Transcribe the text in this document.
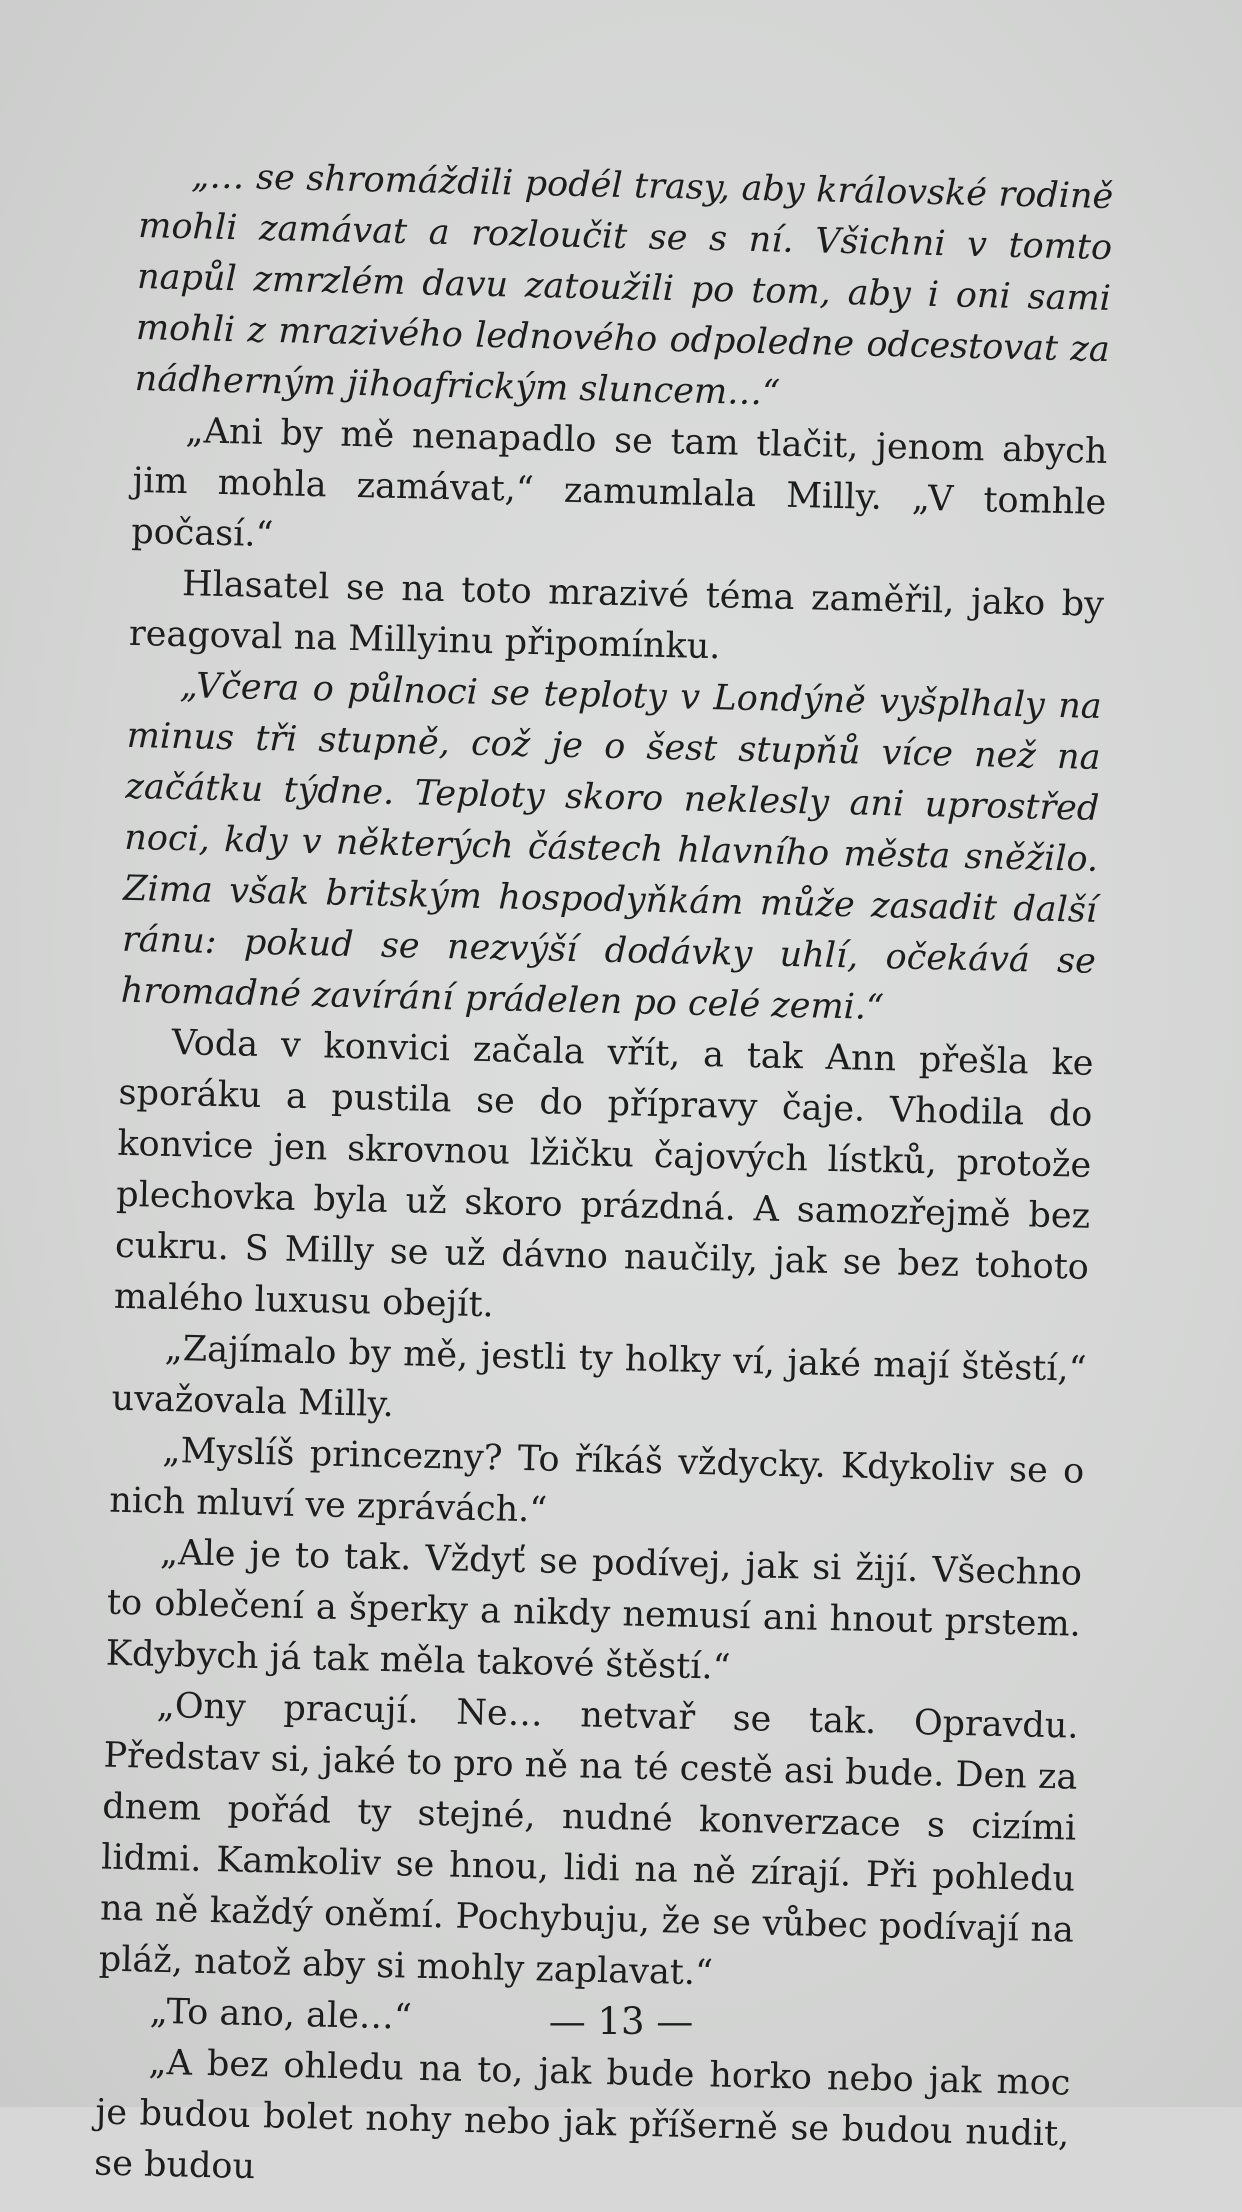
„… se shromáždili podél trasy, aby královské rodině mohli zamávat a rozloučit se s ní. Všichni v tomto napůl zmrzlém davu zatoužili po tom, aby i oni sami mohli z mrazivého lednového odpoledne odcestovat za nádherným jihoafrickým sluncem…“

„Ani by mě nenapadlo se tam tlačit, jenom abych jim mohla zamávat,“ zamumlala Milly. „V tomhle počasí.“

Hlasatel se na toto mrazivé téma zaměřil, jako by reagoval na Millyinu připomínku.

„Včera o půlnoci se teploty v Londýně vyšplhaly na minus tři stupně, což je o šest stupňů více než na začátku týdne. Teploty skoro neklesly ani uprostřed noci, kdy v některých částech hlavního města sněžilo. Zima však britským hospodyňkám může zasadit další ránu: pokud se nezvýší dodávky uhlí, očekává se hromadné zavírání prádelen po celé zemi.“

Voda v konvici začala vřít, a tak Ann přešla ke sporáku a pustila se do přípravy čaje. Vhodila do konvice jen skrovnou lžičku čajových lístků, protože plechovka byla už skoro prázdná. A samozřejmě bez cukru. S Milly se už dávno naučily, jak se bez tohoto malého luxusu obejít.

„Zajímalo by mě, jestli ty holky ví, jaké mají štěstí,“ uvažovala Milly.

„Myslíš princezny? To říkáš vždycky. Kdykoliv se o nich mluví ve zprávách.“

„Ale je to tak. Vždyť se podívej, jak si žijí. Všechno to oblečení a šperky a nikdy nemusí ani hnout prstem. Kdybych já tak měla takové štěstí.“

„Ony pracují. Ne… netvař se tak. Opravdu. Představ si, jaké to pro ně na té cestě asi bude. Den za dnem pořád ty stejné, nudné konverzace s cizími lidmi. Kamkoliv se hnou, lidi na ně zírají. Při pohledu na ně každý oněmí. Pochybuju, že se vůbec podívají na pláž, natož aby si mohly zaplavat.“

„To ano, ale…“

„A bez ohledu na to, jak bude horko nebo jak moc je budou bolet nohy nebo jak příšerně se budou nudit, se budou

— 13 —
